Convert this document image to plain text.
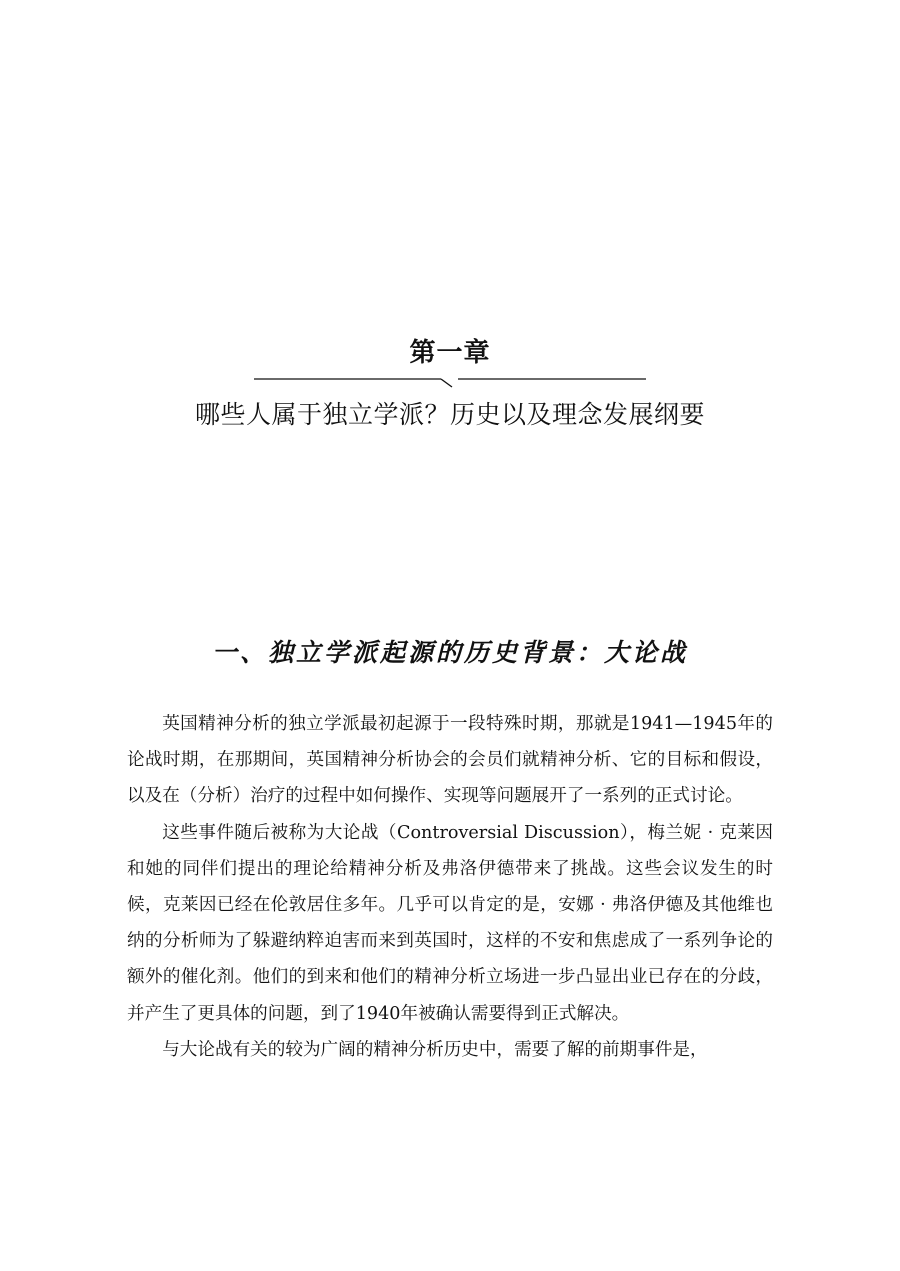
第一章
哪些人属于独立学派？历史以及理念发展纲要
一、独立学派起源的历史背景：大论战

英国精神分析的独立学派最初起源于一段特殊时期，那就是1941—1945年的论战时期，在那期间，英国精神分析协会的会员们就精神分析、它的目标和假设，以及在（分析）治疗的过程中如何操作、实现等问题展开了一系列的正式讨论。

这些事件随后被称为大论战（Controversial Discussion），梅兰妮 · 克莱因和她的同伴们提出的理论给精神分析及弗洛伊德带来了挑战。这些会议发生的时候，克莱因已经在伦敦居住多年。几乎可以肯定的是，安娜 · 弗洛伊德及其他维也纳的分析师为了躲避纳粹迫害而来到英国时，这样的不安和焦虑成了一系列争论的额外的催化剂。他们的到来和他们的精神分析立场进一步凸显出业已存在的分歧，并产生了更具体的问题，到了1940年被确认需要得到正式解决。

与大论战有关的较为广阔的精神分析历史中，需要了解的前期事件是，
